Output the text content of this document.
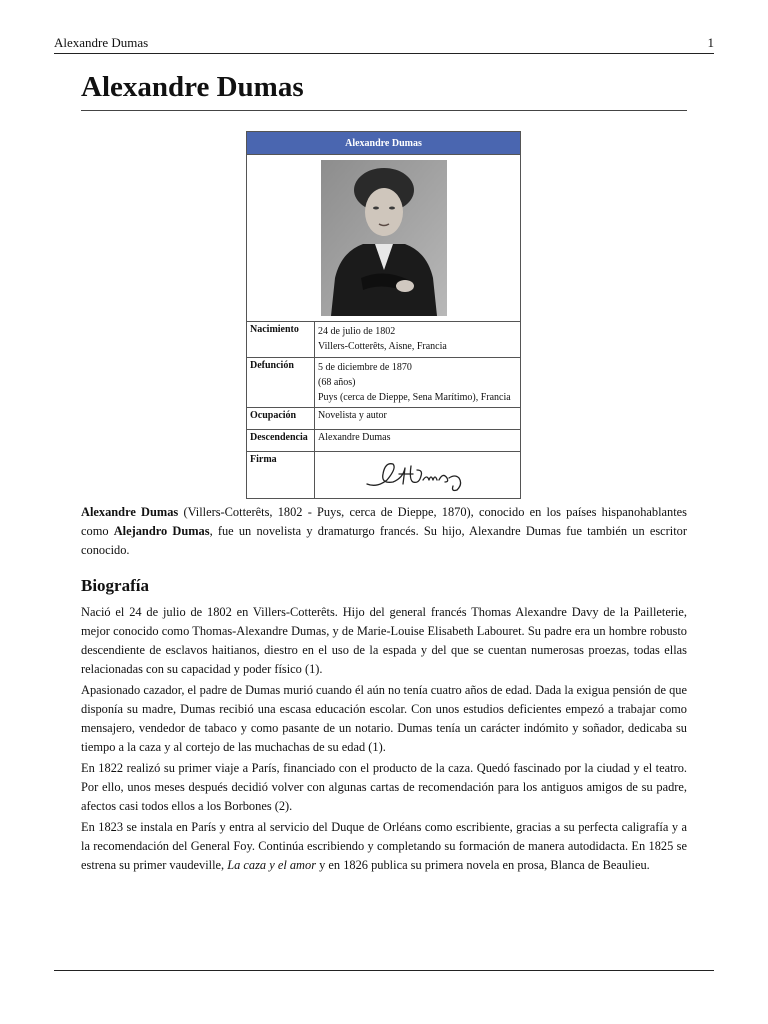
Alexandre Dumas	1
Alexandre Dumas
Alexandre Dumas	

Nacimiento	24 de julio de 1802
Villers-Cotterêts, Aisne, Francia

Defunción	5 de diciembre de 1870
(68 años)
Puys (cerca de Dieppe, Sena Marítimo), Francia

Ocupación	Novelista y autor
Descendencia	Alexandre Dumas
Firma	

Alexandre Dumas (Villers-Cotterêts, 1802 - Puys, cerca de Dieppe, 1870), conocido en los países hispanohablantes como Alejandro Dumas, fue un novelista y dramaturgo francés. Su hijo, Alexandre Dumas fue también un escritor conocido.

Biografía

Nació el 24 de julio de 1802 en Villers-Cotterêts. Hijo del general francés Thomas Alexandre Davy de la Pailleterie, mejor conocido como Thomas-Alexandre Dumas, y de Marie-Louise Elisabeth Labouret. Su padre era un hombre robusto descendiente de esclavos haitianos, diestro en el uso de la espada y del que se cuentan numerosas proezas, todas ellas relacionadas con su capacidad y poder físico (1).

Apasionado cazador, el padre de Dumas murió cuando él aún no tenía cuatro años de edad. Dada la exigua pensión de que disponía su madre, Dumas recibió una escasa educación escolar. Con unos estudios deficientes empezó a trabajar como mensajero, vendedor de tabaco y como pasante de un notario. Dumas tenía un carácter indómito y soñador, dedicaba su tiempo a la caza y al cortejo de las muchachas de su edad (1).

En 1822 realizó su primer viaje a París, financiado con el producto de la caza. Quedó fascinado por la ciudad y el teatro. Por ello, unos meses después decidió volver con algunas cartas de recomendación para los antiguos amigos de su padre, afectos casi todos ellos a los Borbones (2).

En 1823 se instala en París y entra al servicio del Duque de Orléans como escribiente, gracias a su perfecta caligrafía y a la recomendación del General Foy. Continúa escribiendo y completando su formación de manera autodidacta. En 1825 se estrena su primer vaudeville, La caza y el amor y en 1826 publica su primera novela en prosa, Blanca de Beaulieu.
